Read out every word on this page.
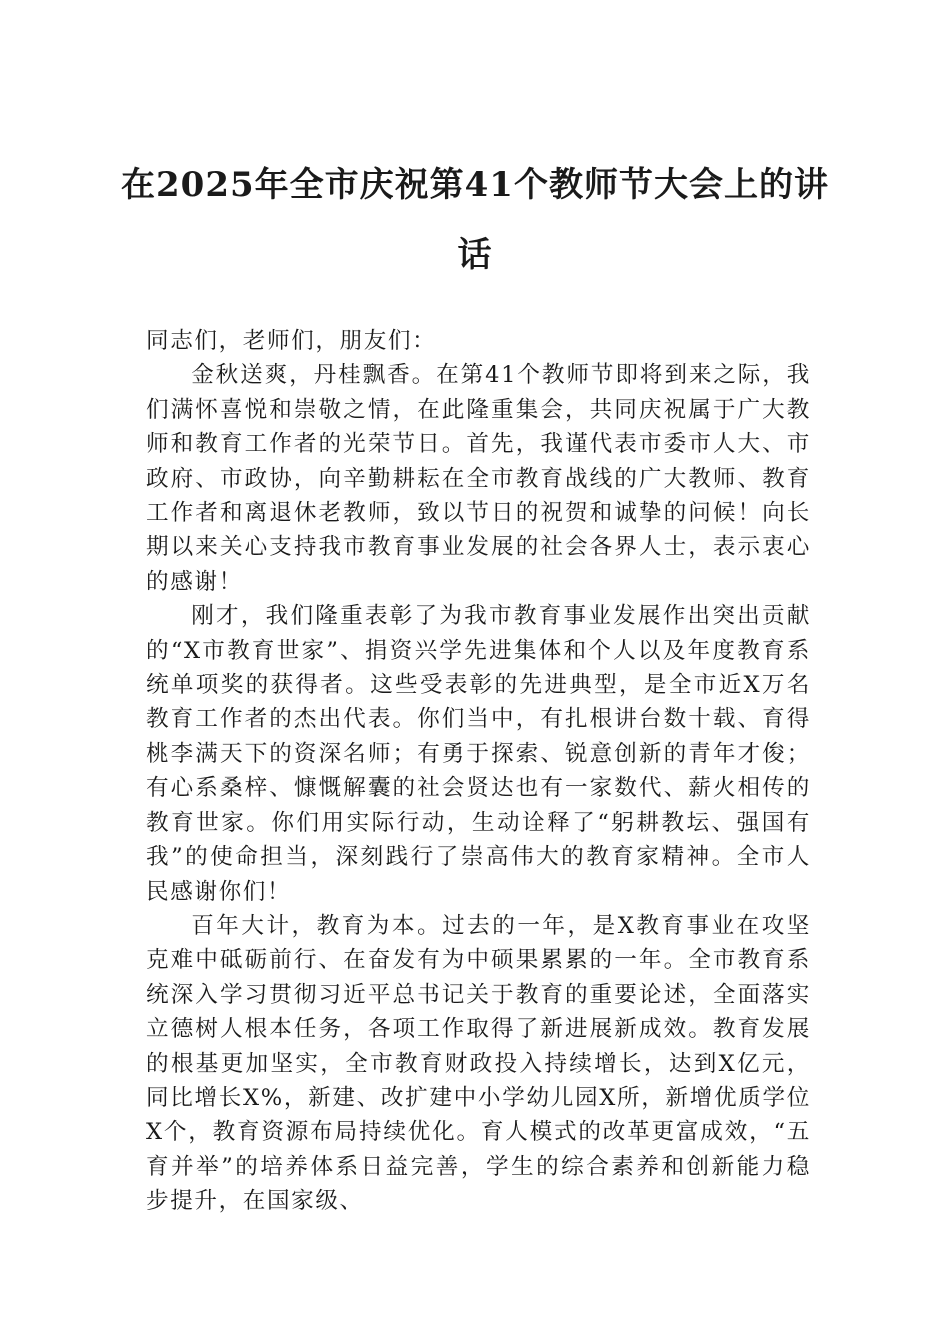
在2025年全市庆祝第41个教师节大会上的讲话

同志们，老师们，朋友们：

金秋送爽，丹桂飘香。在第41个教师节即将到来之际，我们满怀喜悦和崇敬之情，在此隆重集会，共同庆祝属于广大教师和教育工作者的光荣节日。首先，我谨代表市委市人大、市政府、市政协，向辛勤耕耘在全市教育战线的广大教师、教育工作者和离退休老教师，致以节日的祝贺和诚挚的问候！向长期以来关心支持我市教育事业发展的社会各界人士，表示衷心的感谢！

刚才，我们隆重表彰了为我市教育事业发展作出突出贡献的“X市教育世家”、捐资兴学先进集体和个人以及年度教育系统单项奖的获得者。这些受表彰的先进典型，是全市近X万名教育工作者的杰出代表。你们当中，有扎根讲台数十载、育得桃李满天下的资深名师；有勇于探索、锐意创新的青年才俊；有心系桑梓、慷慨解囊的社会贤达也有一家数代、薪火相传的教育世家。你们用实际行动，生动诠释了“躬耕教坛、强国有我”的使命担当，深刻践行了崇高伟大的教育家精神。全市人民感谢你们！

百年大计，教育为本。过去的一年，是X教育事业在攻坚克难中砥砺前行、在奋发有为中硕果累累的一年。全市教育系统深入学习贯彻习近平总书记关于教育的重要论述，全面落实立德树人根本任务，各项工作取得了新进展新成效。教育发展的根基更加坚实，全市教育财政投入持续增长，达到X亿元，同比增长X%，新建、改扩建中小学幼儿园X所，新增优质学位X个，教育资源布局持续优化。育人模式的改革更富成效，“五育并举”的培养体系日益完善，学生的综合素养和创新能力稳步提升，在国家级、
